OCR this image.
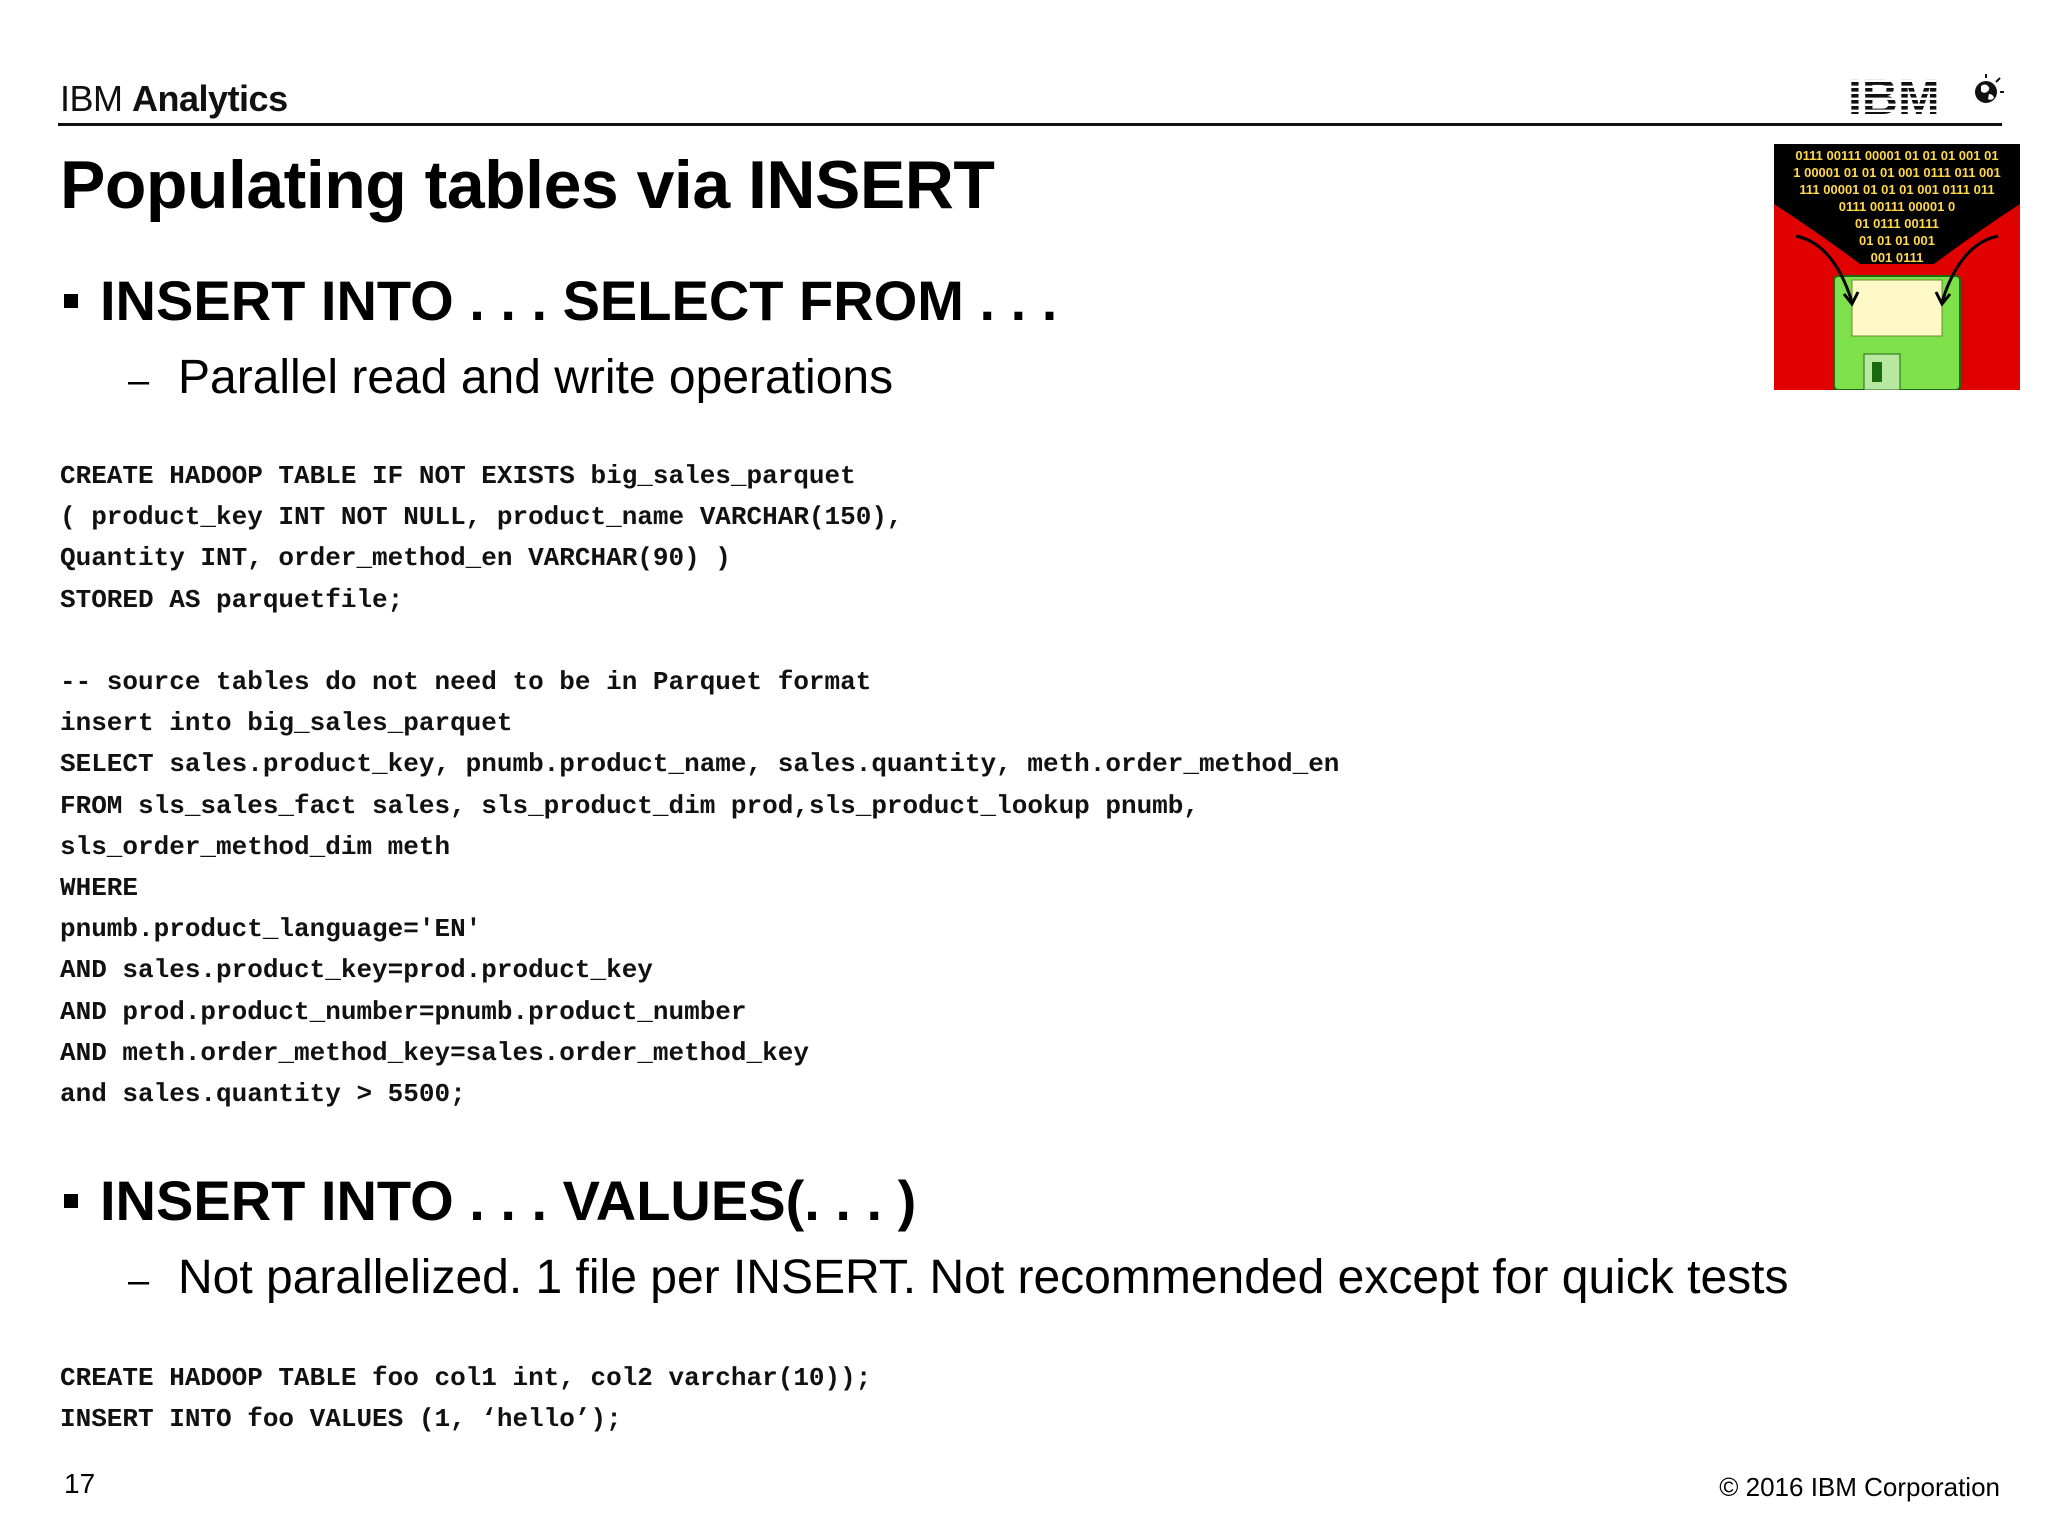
IBM Analytics	IBM
Populating tables via INSERT
INSERT INTO . . . SELECT FROM . . .
– Parallel read and write operations
CREATE HADOOP TABLE IF NOT EXISTS big_sales_parquet
( product_key INT NOT NULL, product_name VARCHAR(150),
Quantity INT, order_method_en VARCHAR(90) )
STORED AS parquetfile;

-- source tables do not need to be in Parquet format
insert into big_sales_parquet
SELECT sales.product_key, pnumb.product_name, sales.quantity, meth.order_method_en
FROM sls_sales_fact sales, sls_product_dim prod,sls_product_lookup pnumb,
sls_order_method_dim meth
WHERE
pnumb.product_language='EN'
AND sales.product_key=prod.product_key
AND prod.product_number=pnumb.product_number
AND meth.order_method_key=sales.order_method_key
and sales.quantity > 5500;
INSERT INTO . . . VALUES(. . . )
– Not parallelized. 1 file per INSERT. Not recommended except for quick tests
CREATE HADOOP TABLE foo col1 int, col2 varchar(10));
INSERT INTO foo VALUES (1, ‘hello’);
0111 00111 00001 01 01 01 001 01
1 00001 01 01 01 001 0111 011 001
111 00001 01 01 01 001 0111 011
0111 00111 00001 0
01 0111 00111
01 01 01 001
001 0111
17	© 2016 IBM Corporation
